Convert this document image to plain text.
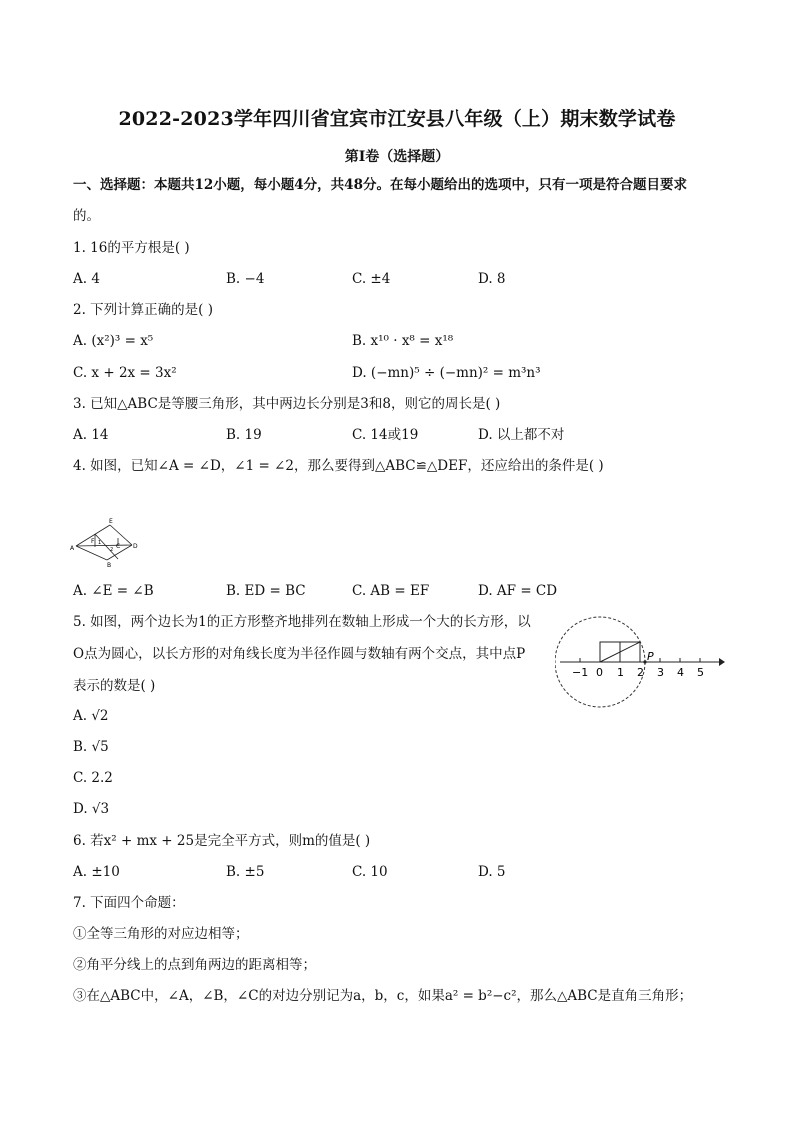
2022-2023学年四川省宜宾市江安县八年级（上）期末数学试卷
第I卷（选择题）
一、选择题：本题共12小题，每小题4分，共48分。在每小题给出的选项中，只有一项是符合题目要求
的。
1. 16的平方根是( )
A. 4	B. −4	C. ±4	D. 8
2. 下列计算正确的是( )
A. (x²)³ = x⁵	B. x¹⁰ · x⁸ = x¹⁸
C. x + 2x = 3x²	D. (−mn)⁵ ÷ (−mn)² = m³n³
3. 已知△ABC是等腰三角形，其中两边长分别是3和8，则它的周长是( )
A. 14	B. 19	C. 14或19	D. 以上都不对
4. 如图，已知∠A = ∠D，∠1 = ∠2，那么要得到△ABC≌△DEF，还应给出的条件是( )
A
B
C D
E
F 1
2
A. ∠E = ∠B	B. ED = BC	C. AB = EF	D. AF = CD
5. 如图，两个边长为1的正方形整齐地排列在数轴上形成一个大的长方形，以
O点为圆心，以长方形的对角线长度为半径作圆与数轴有两个交点，其中点P
表示的数是( )
A. √2
B. √5
C. 2.2
D. √3
−1 0 1 2 3 4 5
P
6. 若x² + mx + 25是完全平方式，则m的值是( )
A. ±10	B. ±5	C. 10	D. 5
7. 下面四个命题：
①全等三角形的对应边相等；
②角平分线上的点到角两边的距离相等；
③在△ABC中，∠A，∠B，∠C的对边分别记为a，b，c，如果a² = b²−c²，那么△ABC是直角三角形；
